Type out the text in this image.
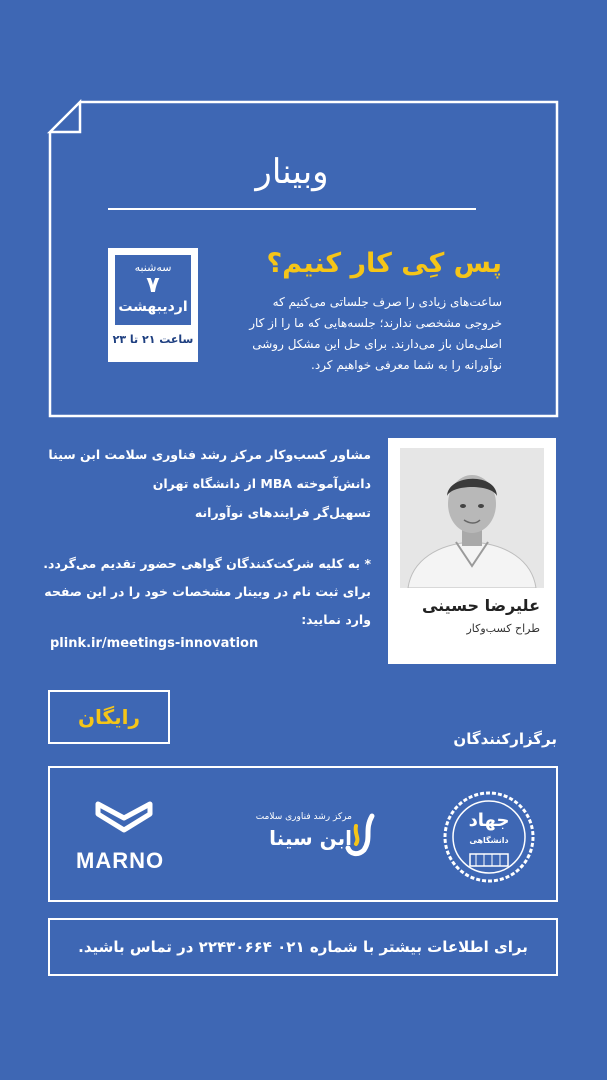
وبینار
سه‌شنبه
۷
اردیبهشت
ساعت ۲۱ تا ۲۳
پس کِی کار کنیم؟
ساعت‌های زیادی را صرف جلساتی می‌کنیم که خروجی مشخصی ندارند؛ جلسه‌هایی که ما را از کار اصلی‌مان باز می‌دارند. برای حل این مشکل روشی نوآورانه را به شما معرفی خواهیم کرد.
علیرضا حسینی
طراح کسب‌وکار
مشاور کسب‌وکار مرکز رشد فناوری سلامت ابن سینا
دانش‌آموخته MBA از دانشگاه تهران
تسهیل‌گر فرایندهای نوآورانه
* به کلیه شرکت‌کنندگان گواهی حضور تقدیم می‌گردد.
برای ثبت نام در وبینار مشخصات خود را در این صفحه
وارد نمایید:
plink.ir/meetings-innovation
رایگان
برگزارکنندگان
MARNO
مرکز رشد فناوری سلامت
ابن سینا
جهاد
دانشگاهی
برای اطلاعات بیشتر با شماره ۰۲۱ ۲۲۴۳۰۶۶۴ در تماس باشید.
